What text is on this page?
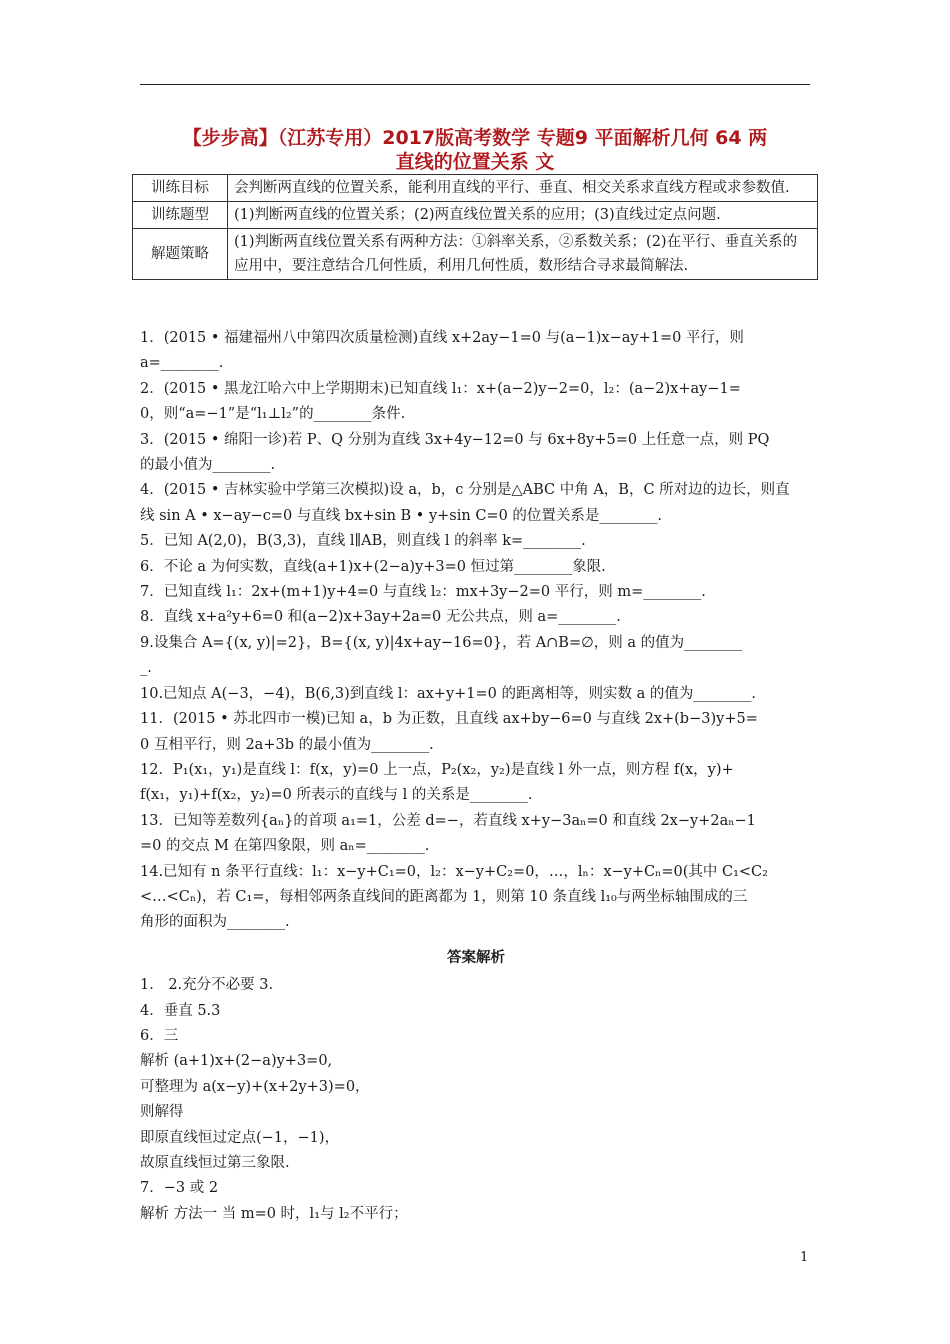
【步步高】（江苏专用）2017版高考数学 专题9 平面解析几何 64 两
直线的位置关系 文
训练目标	会判断两直线的位置关系，能利用直线的平行、垂直、相交关系求直线方程或求参数值.
训练题型	(1)判断两直线的位置关系；(2)两直线位置关系的应用；(3)直线过定点问题.
解题策略	(1)判断两直线位置关系有两种方法：①斜率关系，②系数关系；(2)在平行、垂直关系的应用中，要注意结合几何性质，利用几何性质，数形结合寻求最简解法.

1．(2015 • 福建福州八中第四次质量检测)直线 x+2ay−1=0 与(a−1)x−ay+1=0 平行，则

a=________.

2．(2015 • 黑龙江哈六中上学期期末)已知直线 l₁：x+(a−2)y−2=0，l₂：(a−2)x+ay−1=

0，则“a=−1”是“l₁⊥l₂”的________条件.

3．(2015 • 绵阳一诊)若 P、Q 分别为直线 3x+4y−12=0 与 6x+8y+5=0 上任意一点，则 PQ

的最小值为________.

4．(2015 • 吉林实验中学第三次模拟)设 a，b，c 分别是△ABC 中角 A，B，C 所对边的边长，则直

线 sin A • x−ay−c=0 与直线 bx+sin B • y+sin C=0 的位置关系是________.

5．已知 A(2,0)，B(3,3)，直线 l∥AB，则直线 l 的斜率 k=________.

6．不论 a 为何实数，直线(a+1)x+(2−a)y+3=0 恒过第________象限.

7．已知直线 l₁：2x+(m+1)y+4=0 与直线 l₂：mx+3y−2=0 平行，则 m=________.

8．直线 x+a²y+6=0 和(a−2)x+3ay+2a=0 无公共点，则 a=________.

9.设集合 A={(x, y)|=2}，B={(x, y)|4x+ay−16=0}，若 A∩B=∅，则 a 的值为________

_.

10.已知点 A(−3，−4)，B(6,3)到直线 l：ax+y+1=0 的距离相等，则实数 a 的值为________.

11．(2015 • 苏北四市一模)已知 a，b 为正数，且直线 ax+by−6=0 与直线 2x+(b−3)y+5=

0 互相平行，则 2a+3b 的最小值为________.

12．P₁(x₁，y₁)是直线 l：f(x，y)=0 上一点，P₂(x₂，y₂)是直线 l 外一点，则方程 f(x，y)+

f(x₁，y₁)+f(x₂，y₂)=0 所表示的直线与 l 的关系是________.

13．已知等差数列{aₙ}的首项 a₁=1，公差 d=−，若直线 x+y−3aₙ=0 和直线 2x−y+2aₙ−1

=0 的交点 M 在第四象限，则 aₙ=________.

14.已知有 n 条平行直线：l₁：x−y+C₁=0，l₂：x−y+C₂=0，…，lₙ：x−y+Cₙ=0(其中 C₁<C₂

<…<Cₙ)，若 C₁=，每相邻两条直线间的距离都为 1，则第 10 条直线 l₁₀与两坐标轴围成的三

角形的面积为________.

答案解析

1． 2.充分不必要 3.

4．垂直 5.3

6．三

解析 (a+1)x+(2−a)y+3=0,

可整理为 a(x−y)+(x+2y+3)=0，

则解得

即原直线恒过定点(−1，−1)，

故原直线恒过第三象限.

7．−3 或 2

解析 方法一 当 m=0 时，l₁与 l₂不平行；

1
